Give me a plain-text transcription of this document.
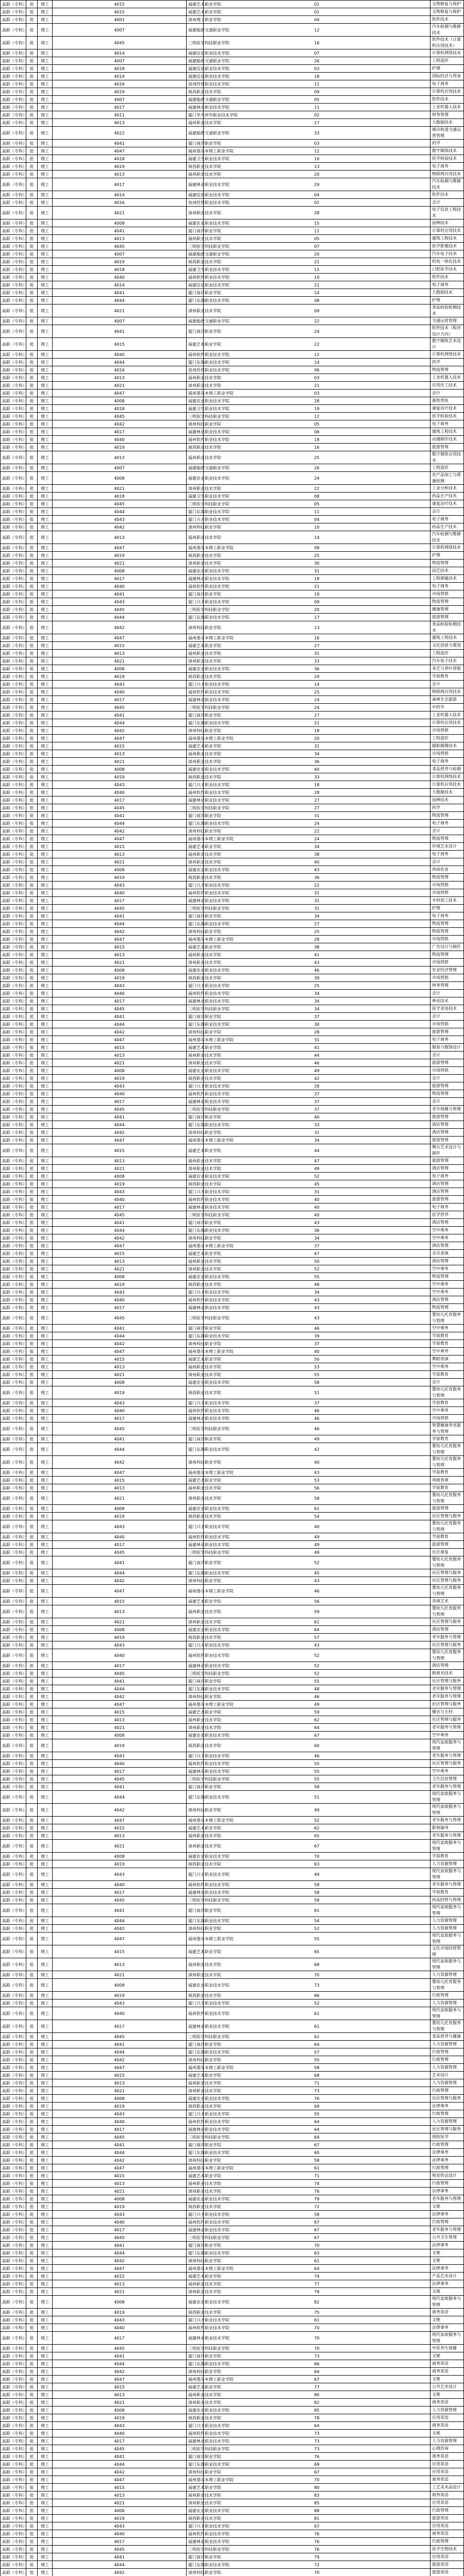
高职（专科）	批	理工	4015	福建艺术职业学院	01	文物修复与保护	
高职（专科）	批	理工	4015	福建艺术职业学院	01	文物修复与保护	
高职（专科）	批	理工	4001	漳州理工职业学院	04	软件技术	
高职（专科）	批	理工	4007	福建船政交通职业学院	12	汽车检测与维修技术	
高职（专科）	批	理工	4045	三明医学科技职业学院	16	软件技术（计算机应用技术）	
高职（专科）	批	理工	4014	福建信息职业技术学院	07	计算机网络技术	
高职（专科）	批	理工	4007	福建船政交通职业学院	26	工程造价	
高职（专科）	批	理工	4018	福建信息职业技术学院	03	护理	
高职（专科）	批	理工	4014	福建信息职业技术学院	18	国际经济与贸易	
高职（专科）	批	理工	4016	泉州经贸职业技术学院	11	电子商务	
高职（专科）	批	理工	4019	闽西职业技术学院	09	计算机应用技术	
高职（专科）	批	理工	4007	福建船政交通职业学院	05	软件技术	
高职（专科）	批	理工	4017	福建林业职业技术学院	11	工业机器人技术	
高职（专科）	批	理工	4011	厦门华天涉外职业技术学院	02	财务管理	
高职（专科）	批	理工	4013	福州职业技术学院	17	大数据技术	
高职（专科）	批	理工	4022	福建船政交通职业学院	33	城市轨道交通运营管理	
高职（专科）	批	理工	4041	厦门南洋职业学院	03	药学	
高职（专科）	批	理工	4047	福州墨尔本理工职业学院	12	数字媒体技术	
高职（专科）	批	理工	4018	福建卫生职业技术学院	10	医学检验技术	
高职（专科）	批	理工	4019	闽西职业技术学院	13	电子商务	
高职（专科）	批	理工	4013	福州职业技术学院	20	物联网应用技术	
高职（专科）	批	理工	4017	福建林业职业技术学院	29	汽车检测与维修技术	
高职（专科）	批	理工	4014	福建信息职业技术学院	04	软件技术	
高职（专科）	批	理工	4016	泉州经贸职业技术学院	01	会计	
高职（专科）	批	理工	4021	漳州职业技术学院	28	电子信息工程技术	
高职（专科）	批	理工	4008	福建农业职业技术学院	15	园林技术	
高职（专科）	批	理工	4041	厦门南洋职业学院	11	计算机应用技术	
高职（专科）	批	理工	4013	福州职业技术学院	05	建筑工程技术	
高职（专科）	批	理工	4045	三明医学科技职业学院	07	医学影像技术	
高职（专科）	批	理工	4007	福建船政交通职业学院	20	汽车电子技术	
高职（专科）	批	理工	4019	闽西职业技术学院	21	机电一体化技术	
高职（专科）	批	理工	4018	福建卫生职业技术学院	15	口腔医学技术	
高职（专科）	批	理工	4040	福州软件职业技术学院	10	软件技术	
高职（专科）	批	理工	4014	福建信息职业技术学院	21	电子商务	
高职（专科）	批	理工	4041	厦门南洋职业学院	14	大数据技术	
高职（专科）	批	理工	4044	厦门东海职业技术学院	08	护理	
高职（专科）	批	理工	4021	漳州职业技术学院	09	食品检验检测技术	
高职（专科）	批	理工	4007	福建船政交通职业学院	22	交通运营管理	
高职（专科）	批	理工	4041	厦门南洋职业学院	24	软件技术（程序设计方向）	
高职（专科）	批	理工	4015	福建艺术职业学院	22	数字媒体艺术设计	
高职（专科）	批	理工	4040	福州软件职业技术学院	12	计算机网络技术	
高职（专科）	批	理工	4044	厦门东海职业技术学院	14	药学	
高职（专科）	批	理工	4016	泉州经贸职业技术学院	06	物流管理	
高职（专科）	批	理工	4013	福州职业技术学院	03	工业机器人技术	
高职（专科）	批	理工	4021	漳州职业技术学院	21	应用化工技术	
高职（专科）	批	理工	4047	福州墨尔本理工职业学院	03	会计	
高职（专科）	批	理工	4008	福建农业职业技术学院	28	畜牧兽医	
高职（专科）	批	理工	4018	福建卫生职业技术学院	19	康复治疗技术	
高职（专科）	批	理工	4045	三明医学科技职业学院	12	医学检验技术	
高职（专科）	批	理工	4042	漳州科技职业学院	05	电子商务	
高职（专科）	批	理工	4017	福建林业职业技术学院	06	建筑工程技术	
高职（专科）	批	理工	4040	福州软件职业技术学院	18	动漫制作技术	
高职（专科）	批	理工	4019	闽西职业技术学院	16	旅游管理	
高职（专科）	批	理工	4013	福州职业技术学院	25	数字媒体应用技术	
高职（专科）	批	理工	4007	福建船政交通职业学院	26	工程造价	
高职（专科）	批	理工	4008	福建农业职业技术学院	24	农产品加工与质量检测	
高职（专科）	批	理工	4021	漳州职业技术学院	22	工业分析技术	
高职（专科）	批	理工	4018	福建卫生职业技术学院	08	药品生产技术	
高职（专科）	批	理工	4045	三明医学科技职业学院	05	康复治疗技术	
高职（专科）	批	理工	4044	厦门东海职业技术学院	11	会计	
高职（专科）	批	理工	4043	厦门兴才职业技术学院	04	电子商务	
高职（专科）	批	理工	4042	漳州科技职业学院	10	药品生产技术	
高职（专科）	批	理工	4013	福州职业技术学院	14	汽车检测与维修技术	
高职（专科）	批	理工	4047	福州墨尔本理工职业学院	08	计算机网络技术	
高职（专科）	批	理工	4019	闽西职业技术学院	25	护理	
高职（专科）	批	理工	4021	漳州职业技术学院	30	物流管理	
高职（专科）	批	理工	4008	福建农业职业技术学院	31	园艺技术	
高职（专科）	批	理工	4017	福建林业职业技术学院	18	工程测量技术	
高职（专科）	批	理工	4040	福州软件职业技术学院	21	电子商务	
高职（专科）	批	理工	4041	厦门南洋职业学院	19	市场营销	
高职（专科）	批	理工	4043	厦门兴才职业技术学院	09	物流管理	
高职（专科）	批	理工	4045	三明医学科技职业学院	20	健康管理	
高职（专科）	批	理工	4044	厦门东海职业技术学院	17	旅游管理	
高职（专科）	批	理工	4042	漳州科技职业学院	13	食品检验检测技术	
高职（专科）	批	理工	4047	福州墨尔本理工职业学院	16	建筑工程技术	
高职（专科）	批	理工	4015	福建艺术职业学院	27	文化创意与策划	
高职（专科）	批	理工	4013	福州职业技术学院	31	工程造价	
高职（专科）	批	理工	4021	漳州职业技术学院	33	汽车电子技术	
高职（专科）	批	理工	4008	福建农业职业技术学院	36	茶艺与茶叶营销	
高职（专科）	批	理工	4019	闽西职业技术学院	29	学前教育	
高职（专科）	批	理工	4043	厦门兴才职业技术学院	14	会计	
高职（专科）	批	理工	4040	福州软件职业技术学院	25	物联网应用技术	
高职（专科）	批	理工	4017	福建林业职业技术学院	24	森林生态旅游	
高职（专科）	批	理工	4045	三明医学科技职业学院	24	中药学	
高职（专科）	批	理工	4041	厦门南洋职业学院	27	工业机器人技术	
高职（专科）	批	理工	4044	厦门东海职业技术学院	21	计算机应用技术	
高职（专科）	批	理工	4042	漳州科技职业学院	18	市场营销	
高职（专科）	批	理工	4047	福州墨尔本理工职业学院	20	工程造价	
高职（专科）	批	理工	4015	福建艺术职业学院	31	摄影摄像技术	
高职（专科）	批	理工	4013	福州职业技术学院	34	市场营销	
高职（专科）	批	理工	4021	漳州职业技术学院	36	电子商务	
高职（专科）	批	理工	4008	福建农业职业技术学院	40	食品营养与检测	
高职（专科）	批	理工	4019	闽西职业技术学院	33	计算机网络技术	
高职（专科）	批	理工	4043	厦门兴才职业技术学院	18	计算机应用技术	
高职（专科）	批	理工	4040	福州软件职业技术学院	28	大数据技术	
高职（专科）	批	理工	4017	福建林业职业技术学院	27	园林技术	
高职（专科）	批	理工	4045	三明医学科技职业学院	27	药学	
高职（专科）	批	理工	4041	厦门南洋职业学院	31	物流管理	
高职（专科）	批	理工	4044	厦门东海职业技术学院	24	电子商务	
高职（专科）	批	理工	4042	漳州科技职业学院	22	会计	
高职（专科）	批	理工	4047	福州墨尔本理工职业学院	24	物流管理	
高职（专科）	批	理工	4015	福建艺术职业学院	34	环境艺术设计	
高职（专科）	批	理工	4013	福州职业技术学院	38	电子商务	
高职（专科）	批	理工	4021	漳州职业技术学院	40	会计	
高职（专科）	批	理工	4008	福建农业职业技术学院	43	休闲农业	
高职（专科）	批	理工	4019	闽西职业技术学院	36	物流管理	
高职（专科）	批	理工	4043	厦门兴才职业技术学院	22	市场营销	
高职（专科）	批	理工	4040	福州软件职业技术学院	31	市场营销	
高职（专科）	批	理工	4017	福建林业职业技术学院	31	木材加工技术	
高职（专科）	批	理工	4045	三明医学科技职业学院	31	护理	
高职（专科）	批	理工	4041	厦门南洋职业学院	34	电子商务	
高职（专科）	批	理工	4044	厦门东海职业技术学院	27	物流管理	
高职（专科）	批	理工	4042	漳州科技职业学院	25	物流管理	
高职（专科）	批	理工	4047	福州墨尔本理工职业学院	28	市场营销	
高职（专科）	批	理工	4015	福建艺术职业学院	38	广告设计与制作	
高职（专科）	批	理工	4013	福州职业技术学院	41	物流管理	
高职（专科）	批	理工	4021	漳州职业技术学院	43	市场营销	
高职（专科）	批	理工	4008	福建农业职业技术学院	46	农业经济管理	
高职（专科）	批	理工	4019	闽西职业技术学院	39	市场营销	
高职（专科）	批	理工	4043	厦门兴才职业技术学院	25	财务管理	
高职（专科）	批	理工	4040	福州软件职业技术学院	34	会计	
高职（专科）	批	理工	4017	福建林业职业技术学院	34	林业技术	
高职（专科）	批	理工	4045	三明医学科技职业学院	34	医学美容技术	
高职（专科）	批	理工	4041	厦门南洋职业学院	37	会计	
高职（专科）	批	理工	4044	厦门东海职业技术学院	30	市场营销	
高职（专科）	批	理工	4042	漳州科技职业学院	28	旅游管理	
高职（专科）	批	理工	4047	福州墨尔本理工职业学院	31	电子商务	
高职（专科）	批	理工	4015	福建艺术职业学院	41	服装与服饰设计	
高职（专科）	批	理工	4013	福州职业技术学院	44	会计	
高职（专科）	批	理工	4021	漳州职业技术学院	46	旅游管理	
高职（专科）	批	理工	4008	福建农业职业技术学院	49	市场营销	
高职（专科）	批	理工	4019	闽西职业技术学院	42	会计	
高职（专科）	批	理工	4043	厦门兴才职业技术学院	28	旅游管理	
高职（专科）	批	理工	4040	福州软件职业技术学院	37	物流管理	
高职（专科）	批	理工	4017	福建林业职业技术学院	37	会计	
高职（专科）	批	理工	4045	三明医学科技职业学院	37	老年保健与管理	
高职（专科）	批	理工	4041	厦门南洋职业学院	40	旅游管理	
高职（专科）	批	理工	4044	厦门东海职业技术学院	33	酒店管理	
高职（专科）	批	理工	4042	漳州科技职业学院	31	酒店管理	
高职（专科）	批	理工	4047	福州墨尔本理工职业学院	34	旅游管理	
高职（专科）	批	理工	4015	福建艺术职业学院	44	舞台艺术设计与制作	
高职（专科）	批	理工	4013	福州职业技术学院	47	旅游管理	
高职（专科）	批	理工	4021	漳州职业技术学院	49	酒店管理	
高职（专科）	批	理工	4008	福建农业职业技术学院	52	电子商务	
高职（专科）	批	理工	4019	闽西职业技术学院	45	酒店管理	
高职（专科）	批	理工	4043	厦门兴才职业技术学院	31	酒店管理	
高职（专科）	批	理工	4040	福州软件职业技术学院	40	旅游管理	
高职（专科）	批	理工	4017	福建林业职业技术学院	40	电子商务	
高职（专科）	批	理工	4045	三明医学科技职业学院	40	医学营养	
高职（专科）	批	理工	4041	厦门南洋职业学院	43	酒店管理	
高职（专科）	批	理工	4044	厦门东海职业技术学院	36	空中乘务	
高职（专科）	批	理工	4042	漳州科技职业学院	34	空中乘务	
高职（专科）	批	理工	4047	福州墨尔本理工职业学院	37	酒店管理	
高职（专科）	批	理工	4015	福建艺术职业学院	47	音乐表演	
高职（专科）	批	理工	4013	福州职业技术学院	50	酒店管理	
高职（专科）	批	理工	4021	漳州职业技术学院	52	空中乘务	
高职（专科）	批	理工	4008	福建农业职业技术学院	55	物流管理	
高职（专科）	批	理工	4019	闽西职业技术学院	48	空中乘务	
高职（专科）	批	理工	4043	厦门兴才职业技术学院	34	空中乘务	
高职（专科）	批	理工	4040	福州软件职业技术学院	43	酒店管理	
高职（专科）	批	理工	4017	福建林业职业技术学院	43	物流管理	
高职（专科）	批	理工	4045	三明医学科技职业学院	43	婴幼儿托育服务与管理	
高职（专科）	批	理工	4041	厦门南洋职业学院	46	空中乘务	
高职（专科）	批	理工	4044	厦门东海职业技术学院	39	学前教育	
高职（专科）	批	理工	4042	漳州科技职业学院	37	学前教育	
高职（专科）	批	理工	4047	福州墨尔本理工职业学院	40	空中乘务	
高职（专科）	批	理工	4015	福建艺术职业学院	50	舞蹈表演	
高职（专科）	批	理工	4013	福州职业技术学院	53	空中乘务	
高职（专科）	批	理工	4021	漳州职业技术学院	55	学前教育	
高职（专科）	批	理工	4008	福建农业职业技术学院	58	会计	
高职（专科）	批	理工	4019	闽西职业技术学院	51	婴幼儿托育服务与管理	
高职（专科）	批	理工	4043	厦门兴才职业技术学院	37	学前教育	
高职（专科）	批	理工	4040	福州软件职业技术学院	46	空中乘务	
高职（专科）	批	理工	4017	福建林业职业技术学院	46	市场营销	
高职（专科）	批	理工	4045	三明医学科技职业学院	46	智慧健康养老服务与管理	
高职（专科）	批	理工	4041	厦门南洋职业学院	49	学前教育	
高职（专科）	批	理工	4044	厦门东海职业技术学院	42	婴幼儿托育服务与管理	
高职（专科）	批	理工	4042	漳州科技职业学院	40	婴幼儿托育服务与管理	
高职（专科）	批	理工	4047	福州墨尔本理工职业学院	43	学前教育	
高职（专科）	批	理工	4015	福建艺术职业学院	53	戏曲表演	
高职（专科）	批	理工	4013	福州职业技术学院	56	学前教育	
高职（专科）	批	理工	4021	漳州职业技术学院	58	婴幼儿托育服务与管理	
高职（专科）	批	理工	4008	福建农业职业技术学院	61	旅游管理	
高职（专科）	批	理工	4019	闽西职业技术学院	54	社区管理与服务	
高职（专科）	批	理工	4043	厦门兴才职业技术学院	40	婴幼儿托育服务与管理	
高职（专科）	批	理工	4040	福州软件职业技术学院	49	学前教育	
高职（专科）	批	理工	4017	福建林业职业技术学院	49	旅游管理	
高职（专科）	批	理工	4045	三明医学科技职业学院	49	社区康复	
高职（专科）	批	理工	4041	厦门南洋职业学院	52	婴幼儿托育服务与管理	
高职（专科）	批	理工	4044	厦门东海职业技术学院	45	社区管理与服务	
高职（专科）	批	理工	4042	漳州科技职业学院	43	社区管理与服务	
高职（专科）	批	理工	4047	福州墨尔本理工职业学院	46	婴幼儿托育服务与管理	
高职（专科）	批	理工	4015	福建艺术职业学院	56	表演艺术	
高职（专科）	批	理工	4013	福州职业技术学院	59	婴幼儿托育服务与管理	
高职（专科）	批	理工	4021	漳州职业技术学院	61	社区管理与服务	
高职（专科）	批	理工	4008	福建农业职业技术学院	64	酒店管理	
高职（专科）	批	理工	4019	闽西职业技术学院	57	老年服务与管理	
高职（专科）	批	理工	4043	厦门兴才职业技术学院	43	社区管理与服务	
高职（专科）	批	理工	4040	福州软件职业技术学院	52	婴幼儿托育服务与管理	
高职（专科）	批	理工	4017	福建林业职业技术学院	52	酒店管理	
高职（专科）	批	理工	4045	三明医学科技职业学院	52	眼视光技术	
高职（专科）	批	理工	4041	厦门南洋职业学院	55	社区管理与服务	
高职（专科）	批	理工	4044	厦门东海职业技术学院	48	老年服务与管理	
高职（专科）	批	理工	4042	漳州科技职业学院	46	老年服务与管理	
高职（专科）	批	理工	4047	福州墨尔本理工职业学院	49	社区管理与服务	
高职（专科）	批	理工	4015	福建艺术职业学院	59	播音与主持	
高职（专科）	批	理工	4013	福州职业技术学院	62	社区管理与服务	
高职（专科）	批	理工	4021	漳州职业技术学院	64	老年服务与管理	
高职（专科）	批	理工	4008	福建农业职业技术学院	67	空中乘务	
高职（专科）	批	理工	4019	闽西职业技术学院	60	现代家政服务与管理	
高职（专科）	批	理工	4043	厦门兴才职业技术学院	46	老年服务与管理	
高职（专科）	批	理工	4040	福州软件职业技术学院	55	社区管理与服务	
高职（专科）	批	理工	4017	福建林业职业技术学院	55	空中乘务	
高职（专科）	批	理工	4045	三明医学科技职业学院	55	卫生信息管理	
高职（专科）	批	理工	4041	厦门南洋职业学院	58	老年服务与管理	
高职（专科）	批	理工	4044	厦门东海职业技术学院	51	现代家政服务与管理	
高职（专科）	批	理工	4042	漳州科技职业学院	49	现代家政服务与管理	
高职（专科）	批	理工	4047	福州墨尔本理工职业学院	52	老年服务与管理	
高职（专科）	批	理工	4015	福建艺术职业学院	62	影视编导	
高职（专科）	批	理工	4013	福州职业技术学院	65	老年服务与管理	
高职（专科）	批	理工	4021	漳州职业技术学院	67	现代家政服务与管理	
高职（专科）	批	理工	4008	福建农业职业技术学院	70	学前教育	
高职（专科）	批	理工	4019	闽西职业技术学院	63	人力资源管理	
高职（专科）	批	理工	4043	厦门兴才职业技术学院	49	现代家政服务与管理	
高职（专科）	批	理工	4040	福州软件职业技术学院	58	老年服务与管理	
高职（专科）	批	理工	4017	福建林业职业技术学院	58	学前教育	
高职（专科）	批	理工	4045	三明医学科技职业学院	58	药品经营与管理	
高职（专科）	批	理工	4041	厦门南洋职业学院	61	现代家政服务与管理	
高职（专科）	批	理工	4044	厦门东海职业技术学院	54	人力资源管理	
高职（专科）	批	理工	4042	漳州科技职业学院	52	人力资源管理	
高职（专科）	批	理工	4047	福州墨尔本理工职业学院	55	现代家政服务与管理	
高职（专科）	批	理工	4015	福建艺术职业学院	65	文化市场经营管理	
高职（专科）	批	理工	4013	福州职业技术学院	68	现代家政服务与管理	
高职（专科）	批	理工	4021	漳州职业技术学院	70	人力资源管理	
高职（专科）	批	理工	4008	福建农业职业技术学院	73	婴幼儿托育服务与管理	
高职（专科）	批	理工	4019	闽西职业技术学院	66	行政管理	
高职（专科）	批	理工	4043	厦门兴才职业技术学院	52	人力资源管理	
高职（专科）	批	理工	4040	福州软件职业技术学院	61	现代家政服务与管理	
高职（专科）	批	理工	4017	福建林业职业技术学院	61	婴幼儿托育服务与管理	
高职（专科）	批	理工	4045	三明医学科技职业学院	61	食品营养与健康	
高职（专科）	批	理工	4041	厦门南洋职业学院	64	人力资源管理	
高职（专科）	批	理工	4044	厦门东海职业技术学院	57	行政管理	
高职（专科）	批	理工	4042	漳州科技职业学院	55	行政管理	
高职（专科）	批	理工	4047	福州墨尔本理工职业学院	58	人力资源管理	
高职（专科）	批	理工	4015	福建艺术职业学院	68	艺术设计	
高职（专科）	批	理工	4013	福州职业技术学院	71	人力资源管理	
高职（专科）	批	理工	4021	漳州职业技术学院	73	行政管理	
高职（专科）	批	理工	4008	福建农业职业技术学院	76	社区管理与服务	
高职（专科）	批	理工	4019	闽西职业技术学院	69	法律事务	
高职（专科）	批	理工	4043	厦门兴才职业技术学院	55	行政管理	
高职（专科）	批	理工	4040	福州软件职业技术学院	64	人力资源管理	
高职（专科）	批	理工	4017	福建林业职业技术学院	64	社区管理与服务	
高职（专科）	批	理工	4045	三明医学科技职业学院	64	预防医学	
高职（专科）	批	理工	4041	厦门南洋职业学院	67	行政管理	
高职（专科）	批	理工	4044	厦门东海职业技术学院	60	法律事务	
高职（专科）	批	理工	4042	漳州科技职业学院	58	法律事务	
高职（专科）	批	理工	4047	福州墨尔本理工职业学院	61	行政管理	
高职（专科）	批	理工	4015	福建艺术职业学院	71	视觉传达设计	
高职（专科）	批	理工	4013	福州职业技术学院	74	行政管理	
高职（专科）	批	理工	4021	漳州职业技术学院	76	法律事务	
高职（专科）	批	理工	4008	福建农业职业技术学院	79	老年服务与管理	
高职（专科）	批	理工	4019	闽西职业技术学院	72	文秘	
高职（专科）	批	理工	4043	厦门兴才职业技术学院	58	法律事务	
高职（专科）	批	理工	4040	福州软件职业技术学院	67	行政管理	
高职（专科）	批	理工	4017	福建林业职业技术学院	67	老年服务与管理	
高职（专科）	批	理工	4045	三明医学科技职业学院	67	公共卫生管理	
高职（专科）	批	理工	4041	厦门南洋职业学院	70	法律事务	
高职（专科）	批	理工	4044	厦门东海职业技术学院	63	文秘	
高职（专科）	批	理工	4042	漳州科技职业学院	61	文秘	
高职（专科）	批	理工	4047	福州墨尔本理工职业学院	64	法律事务	
高职（专科）	批	理工	4015	福建艺术职业学院	74	产品艺术设计	
高职（专科）	批	理工	4013	福州职业技术学院	77	法律事务	
高职（专科）	批	理工	4021	漳州职业技术学院	79	文秘	
高职（专科）	批	理工	4008	福建农业职业技术学院	82	现代家政服务与管理	
高职（专科）	批	理工	4019	闽西职业技术学院	75	商务英语	
高职（专科）	批	理工	4043	厦门兴才职业技术学院	61	文秘	
高职（专科）	批	理工	4040	福州软件职业技术学院	70	法律事务	
高职（专科）	批	理工	4017	福建林业职业技术学院	70	现代家政服务与管理	
高职（专科）	批	理工	4045	三明医学科技职业学院	70	中医养生保健	
高职（专科）	批	理工	4041	厦门南洋职业学院	73	文秘	
高职（专科）	批	理工	4044	厦门东海职业技术学院	66	商务英语	
高职（专科）	批	理工	4042	漳州科技职业学院	64	商务英语	
高职（专科）	批	理工	4047	福州墨尔本理工职业学院	67	文秘	
高职（专科）	批	理工	4015	福建艺术职业学院	77	公共艺术设计	
高职（专科）	批	理工	4013	福州职业技术学院	80	文秘	
高职（专科）	批	理工	4021	漳州职业技术学院	82	商务英语	
高职（专科）	批	理工	4008	福建农业职业技术学院	85	人力资源管理	
高职（专科）	批	理工	4019	闽西职业技术学院	78	应用英语	
高职（专科）	批	理工	4043	厦门兴才职业技术学院	64	商务英语	
高职（专科）	批	理工	4040	福州软件职业技术学院	73	文秘	
高职（专科）	批	理工	4017	福建林业职业技术学院	73	人力资源管理	
高职（专科）	批	理工	4045	三明医学科技职业学院	73	心理咨询	
高职（专科）	批	理工	4041	厦门南洋职业学院	76	商务英语	
高职（专科）	批	理工	4044	厦门东海职业技术学院	69	应用英语	
高职（专科）	批	理工	4042	漳州科技职业学院	67	应用英语	
高职（专科）	批	理工	4047	福州墨尔本理工职业学院	70	商务英语	
高职（专科）	批	理工	4015	福建艺术职业学院	80	工艺美术品设计	
高职（专科）	批	理工	4013	福州职业技术学院	83	商务英语	
高职（专科）	批	理工	4021	漳州职业技术学院	85	应用英语	
高职（专科）	批	理工	4008	福建农业职业技术学院	88	行政管理	
高职（专科）	批	理工	4019	闽西职业技术学院	81	旅游英语	
高职（专科）	批	理工	4043	厦门兴才职业技术学院	67	应用英语	
高职（专科）	批	理工	4040	福州软件职业技术学院	76	商务英语	
高职（专科）	批	理工	4017	福建林业职业技术学院	76	行政管理	
高职（专科）	批	理工	4045	三明医学科技职业学院	76	医学生物技术	
高职（专科）	批	理工	4041	厦门南洋职业学院	79	应用英语	
高职（专科）	批	理工	4044	厦门东海职业技术学院	72	旅游英语	
高职（专科）	批	理工	4042	漳州科技职业学院	70	旅游英语	
